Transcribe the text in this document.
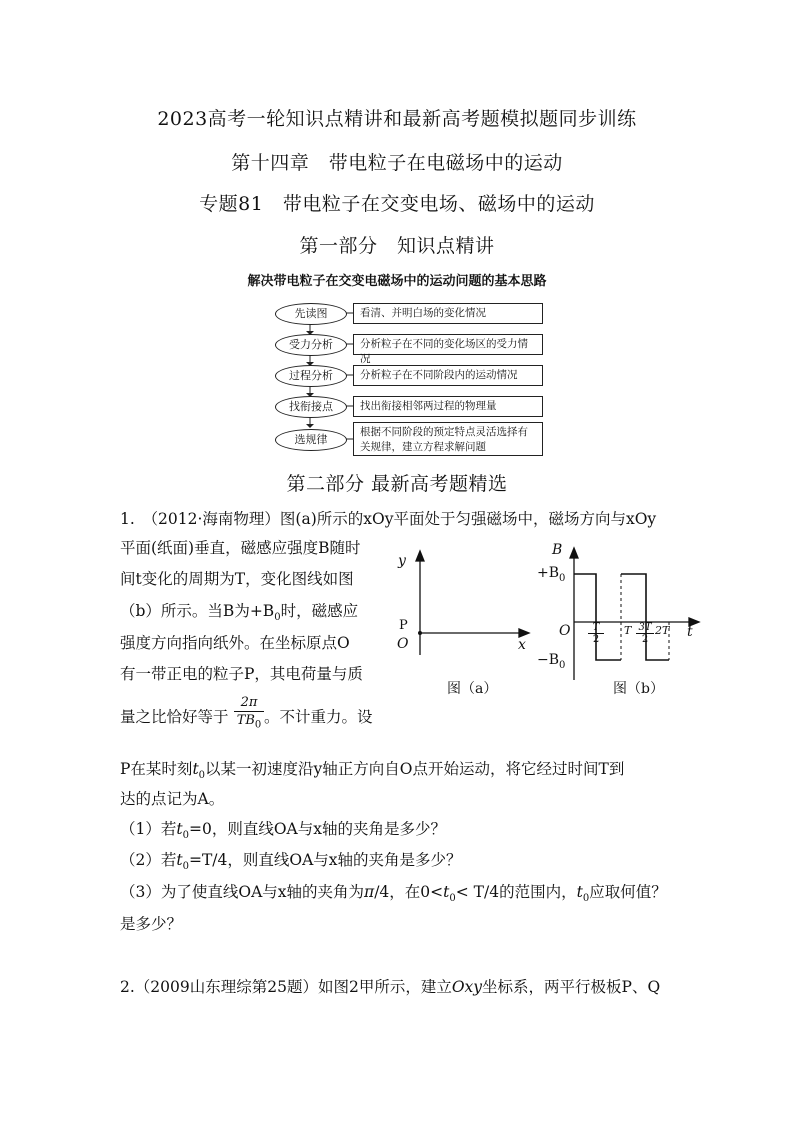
2023高考一轮知识点精讲和最新高考题模拟题同步训练
第十四章　带电粒子在电磁场中的运动
专题81　带电粒子在交变电场、磁场中的运动
第一部分　知识点精讲
解决带电粒子在交变电磁场中的运动问题的基本思路
先读图	看清、并明白场的变化情况
受力分析	分析粒子在不同的变化场区的受力情况
过程分析	分析粒子在不同阶段内的运动情况
找衔接点	找出衔接相邻两过程的物理量
选规律
根据不同阶段的预定特点灵活选择有关规律，建立方程求解问题
第二部分 最新高考题精选
1.　（2012·海南物理）图(a)所示的xOy平面处于匀强磁场中，磁场方向与xOy
平面(纸面)垂直，磁感应强度B随时
间t变化的周期为T，变化图线如图
（b）所示。当B为$+B_0$时，磁感应
强度方向指向纸外。在坐标原点O
有一带正电的粒子P，其电荷量与质
量之比恰好等于 $\frac{2\pi}{TB_0}$ 。不计重力。设
P在某时刻$t_0$以某一初速度沿y轴正方向自O点开始运动，将它经过时间T到
达的点记为A。
（1）若$t_0=0$，则直线OA与x轴的夹角是多少？
（2）若$t_0=T/4$，则直线OA与x轴的夹角是多少？
（3）为了使直线OA与x轴的夹角为π/4，在$0<t_0< T/4$的范围内，$t_0$应取何值？
是多少？
y
x
P
O
图（a）
B
$+B_0$
$-B_0$
O	t
T
2
T 3T
2
2T
图（b）
2.（2009山东理综第25题）如图2甲所示，建立Oxy坐标系，两平行极板P、Q
